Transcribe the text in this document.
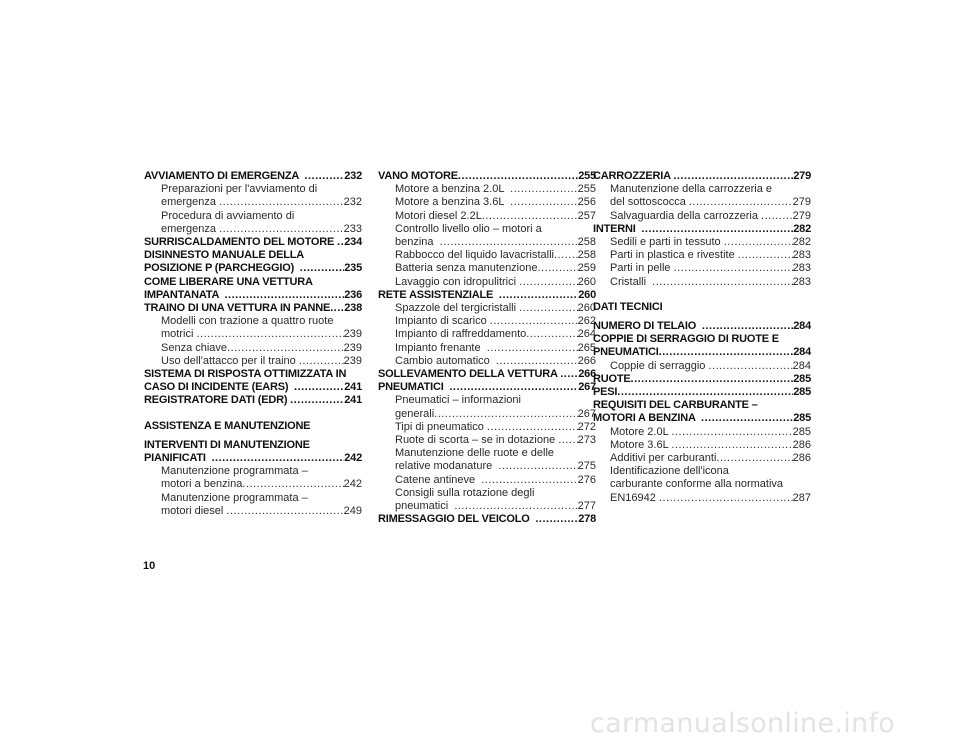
AVVIAMENTO DI EMERGENZA .....	232
Preparazioni per l'avviamento di
emergenza .....	232
Procedura di avviamento di
emergenza .....	233
SURRISCALDAMENTO DEL MOTORE ..... 234
DISINNESTO MANUALE DELLA
POSIZIONE P (PARCHEGGIO) .....	235
COME LIBERARE UNA VETTURA
IMPANTANATA .....	236
TRAINO DI UNA VETTURA IN PANNE ..... 238
Modelli con trazione a quattro ruote
motrici .....	239
Senza chiave .....	239
Uso dell'attacco per il traino .....	239
SISTEMA DI RISPOSTA OTTIMIZZATA IN
CASO DI INCIDENTE (EARS) .....	241
REGISTRATORE DATI (EDR) .....	241
ASSISTENZA E MANUTENZIONE
INTERVENTI DI MANUTENZIONE
PIANIFICATI .....	242
Manutenzione programmata –
motori a benzina .....	242
Manutenzione programmata –
motori diesel .....	249
VANO MOTORE .....	255
Motore a benzina 2.0L .....	255
Motore a benzina 3.6L .....	256
Motori diesel 2.2L .....	257
Controllo livello olio – motori a
benzina .....	258
Rabbocco del liquido lavacristalli ..... 258
Batteria senza manutenzione .....	259
Lavaggio con idropulitrici .....	260
RETE ASSISTENZIALE .....	260
Spazzole del tergicristalli .....	260
Impianto di scarico .....	262
Impianto di raffreddamento .....	264
Impianto frenante .....	265
Cambio automatico .....	266
SOLLEVAMENTO DELLA VETTURA ..... 266
PNEUMATICI .....	267
Pneumatici – informazioni
generali .....	267
Tipi di pneumatico .....	272
Ruote di scorta – se in dotazione ..... 273
Manutenzione delle ruote e delle
relative modanature .....	275
Catene antineve .....	276
Consigli sulla rotazione degli
pneumatici .....	277
RIMESSAGGIO DEL VEICOLO .....	278
CARROZZERIA .....	279
Manutenzione della carrozzeria e
del sottoscocca .....	279
Salvaguardia della carrozzeria .....	279
INTERNI .....	282
Sedili e parti in tessuto .....	282
Parti in plastica e rivestite .....	283
Parti in pelle .....	283
Cristalli .....	283
DATI TECNICI
NUMERO DI TELAIO .....	284
COPPIE DI SERRAGGIO DI RUOTE E
PNEUMATICI .....	284
Coppie di serraggio .....	284
RUOTE .....	285
PESI .....	285
REQUISITI DEL CARBURANTE –
MOTORI A BENZINA .....	285
Motore 2.0L .....	285
Motore 3.6L .....	286
Additivi per carburanti .....	286
Identificazione dell'icona
carburante conforme alla normativa
EN16942 .....	287
10
carmanualsonline.info
